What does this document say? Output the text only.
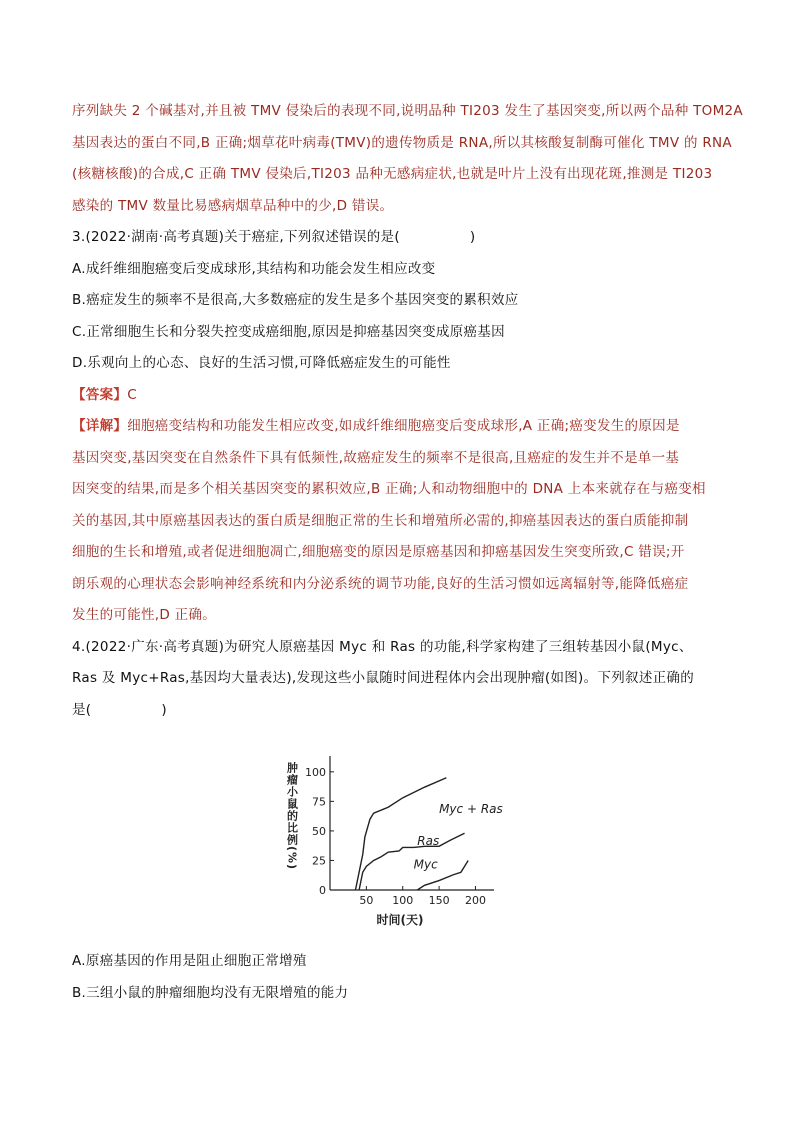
序列缺失 2 个碱基对,并且被 TMV 侵染后的表现不同,说明品种 TI203 发生了基因突变,所以两个品种 TOM2A
基因表达的蛋白不同,B 正确;烟草花叶病毒(TMV)的遗传物质是 RNA,所以其核酸复制酶可催化 TMV 的 RNA
(核糖核酸)的合成,C 正确 TMV 侵染后,TI203 品种无感病症状,也就是叶片上没有出现花斑,推测是 TI203
感染的 TMV 数量比易感病烟草品种中的少,D 错误。
3.(2022·湖南·高考真题)关于癌症,下列叙述错误的是(	)
A.成纤维细胞癌变后变成球形,其结构和功能会发生相应改变
B.癌症发生的频率不是很高,大多数癌症的发生是多个基因突变的累积效应
C.正常细胞生长和分裂失控变成癌细胞,原因是抑癌基因突变成原癌基因
D.乐观向上的心态、良好的生活习惯,可降低癌症发生的可能性
【答案】C
【详解】细胞癌变结构和功能发生相应改变,如成纤维细胞癌变后变成球形,A 正确;癌变发生的原因是
基因突变,基因突变在自然条件下具有低频性,故癌症发生的频率不是很高,且癌症的发生并不是单一基
因突变的结果,而是多个相关基因突变的累积效应,B 正确;人和动物细胞中的 DNA 上本来就存在与癌变相
关的基因,其中原癌基因表达的蛋白质是细胞正常的生长和增殖所必需的,抑癌基因表达的蛋白质能抑制
细胞的生长和增殖,或者促进细胞凋亡,细胞癌变的原因是原癌基因和抑癌基因发生突变所致,C 错误;开
朗乐观的心理状态会影响神经系统和内分泌系统的调节功能,良好的生活习惯如远离辐射等,能降低癌症
发生的可能性,D 正确。
4.(2022·广东·高考真题)为研究人原癌基因 Myc 和 Ras 的功能,科学家构建了三组转基因小鼠(Myc、
Ras 及 Myc+Ras,基因均大量表达),发现这些小鼠随时间进程体内会出现肿瘤(如图)。下列叙述正确的
是(	)
0
25
50
75
100
50 100 150 200
肿瘤小鼠的比例(%)
时间(天)
Myc + Ras
Ras
Myc
A.原癌基因的作用是阻止细胞正常增殖
B.三组小鼠的肿瘤细胞均没有无限增殖的能力
